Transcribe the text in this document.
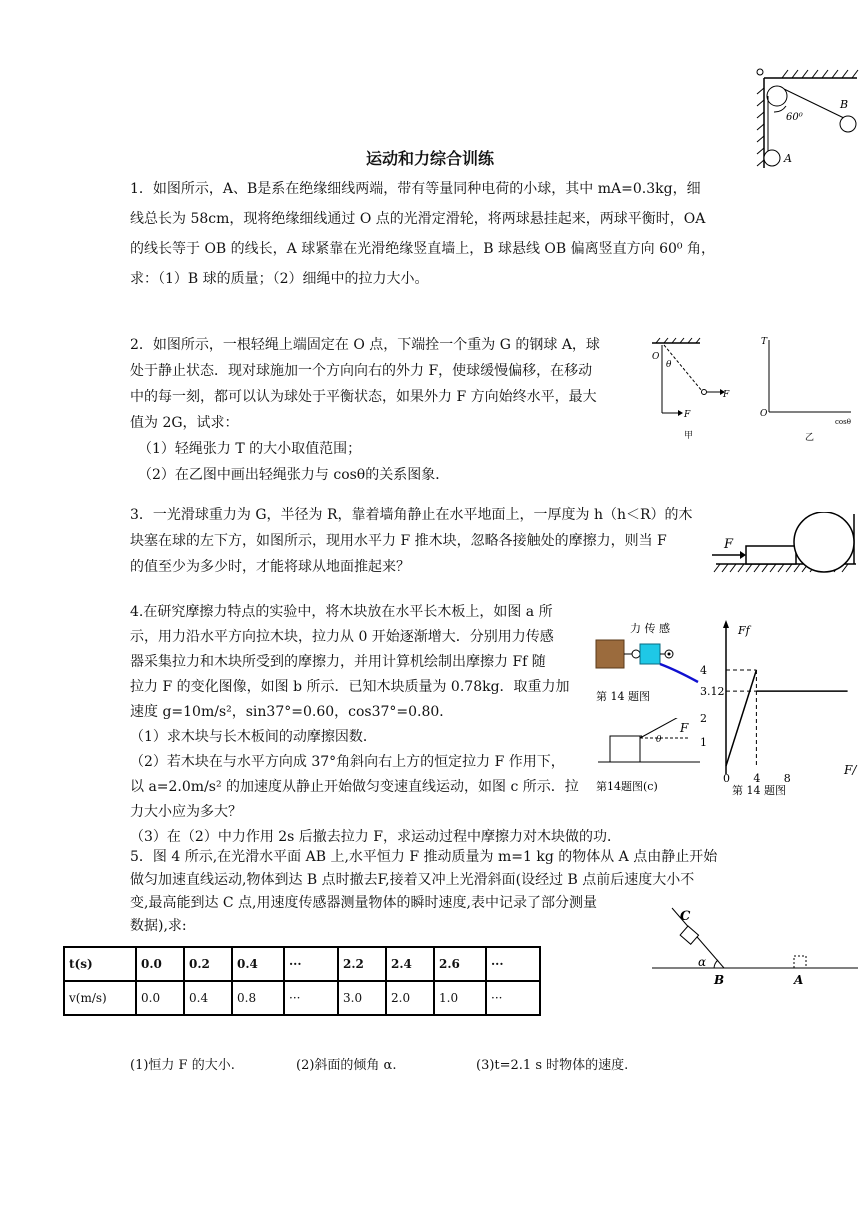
运动和力综合训练
60⁰
B
A
1．如图所示，A、B是系在绝缘细线两端，带有等量同种电荷的小球，其中 mA=0.3kg，细
线总长为 58cm，现将绝缘细线通过 O 点的光滑定滑轮，将两球悬挂起来，两球平衡时，OA
的线长等于 OB 的线长，A 球紧靠在光滑绝缘竖直墙上，B 球悬线 OB 偏离竖直方向 60⁰ 角，
求：（1）B 球的质量；（2）细绳中的拉力大小。
2．如图所示，一根轻绳上端固定在 O 点，下端拴一个重为 G 的钢球 A，球
处于静止状态．现对球施加一个方向向右的外力 F，使球缓慢偏移，在移动
中的每一刻，都可以认为球处于平衡状态，如果外力 F 方向始终水平，最大
值为 2G，试求：
（1）轻绳张力 T 的大小取值范围；
（2）在乙图中画出轻绳张力与 cosθ的关系图象．
O
θ
F
F
甲
T
O
cosθ
乙
3．一光滑球重力为 G，半径为 R，靠着墙角静止在水平地面上，一厚度为 h（h＜R）的木
块塞在球的左下方，如图所示，现用水平力 F 推木块，忽略各接触处的摩擦力，则当 F
的值至少为多少时，才能将球从地面推起来？
F
4.在研究摩擦力特点的实验中，将木块放在水平长木板上，如图 a 所
示，用力沿水平方向拉木块，拉力从 0 开始逐渐增大．分别用力传感
器采集拉力和木块所受到的摩擦力，并用计算机绘制出摩擦力 Ff 随
拉力 F 的变化图像，如图 b 所示．已知木块质量为 0.78kg．取重力加
速度 g=10m/s²，sin37°=0.60，cos37°=0.80．
（1）求木块与长木板间的动摩擦因数．
（2）若木块在与水平方向成 37°角斜向右上方的恒定拉力 F 作用下，
以 a=2.0m/s² 的加速度从静止开始做匀变速直线运动，如图 c 所示．拉
力大小应为多大？
（3）在（2）中力作用 2s 后撤去拉力 F，求运动过程中摩擦力对木块做的功．
力 传 感
第 14 题图
θ
F
第14题图(c)
Ff
F/
1
2
3.12
4
0 4 8
第 14 题图
5．图 4 所示,在光滑水平面 AB 上,水平恒力 F 推动质量为 m=1 kg 的物体从 A 点由静止开始
做匀加速直线运动,物体到达 B 点时撤去F,接着又冲上光滑斜面(设经过 B 点前后速度大小不
变,最高能到达 C 点,用速度传感器测量物体的瞬时速度,表中记录了部分测量
数据),求:
C
α
B	A
t(s)	0.0	0.2	0.4	···	2.2	2.4	2.6	···
v(m/s)	0.0	0.4	0.8	···	3.0	2.0	1.0	···
(1)恒力 F 的大小.	(2)斜面的倾角 α.	(3)t=2.1 s 时物体的速度.
